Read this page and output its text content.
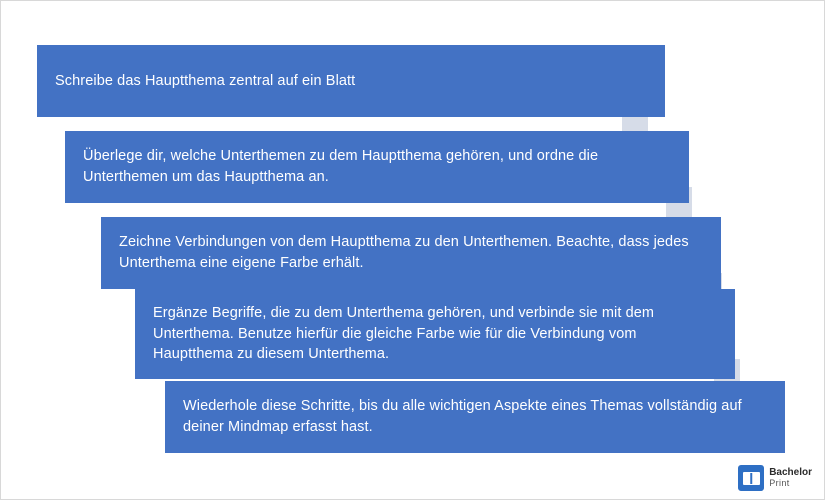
Schreibe das Hauptthema zentral auf ein Blatt
Überlege dir, welche Unterthemen zu dem Hauptthema gehören, und ordne die Unterthemen um das Hauptthema an.
Zeichne Verbindungen von dem Hauptthema zu den Unterthemen. Beachte, dass jedes Unterthema eine eigene Farbe erhält.
Ergänze Begriffe, die zu dem Unterthema gehören, und verbinde sie mit dem Unterthema. Benutze hierfür die gleiche Farbe wie für die Verbindung vom Hauptthema zu diesem Unterthema.
Wiederhole diese Schritte, bis du alle wichtigen Aspekte eines Themas vollständig auf deiner Mindmap erfasst hast.
Bachelor
Print
